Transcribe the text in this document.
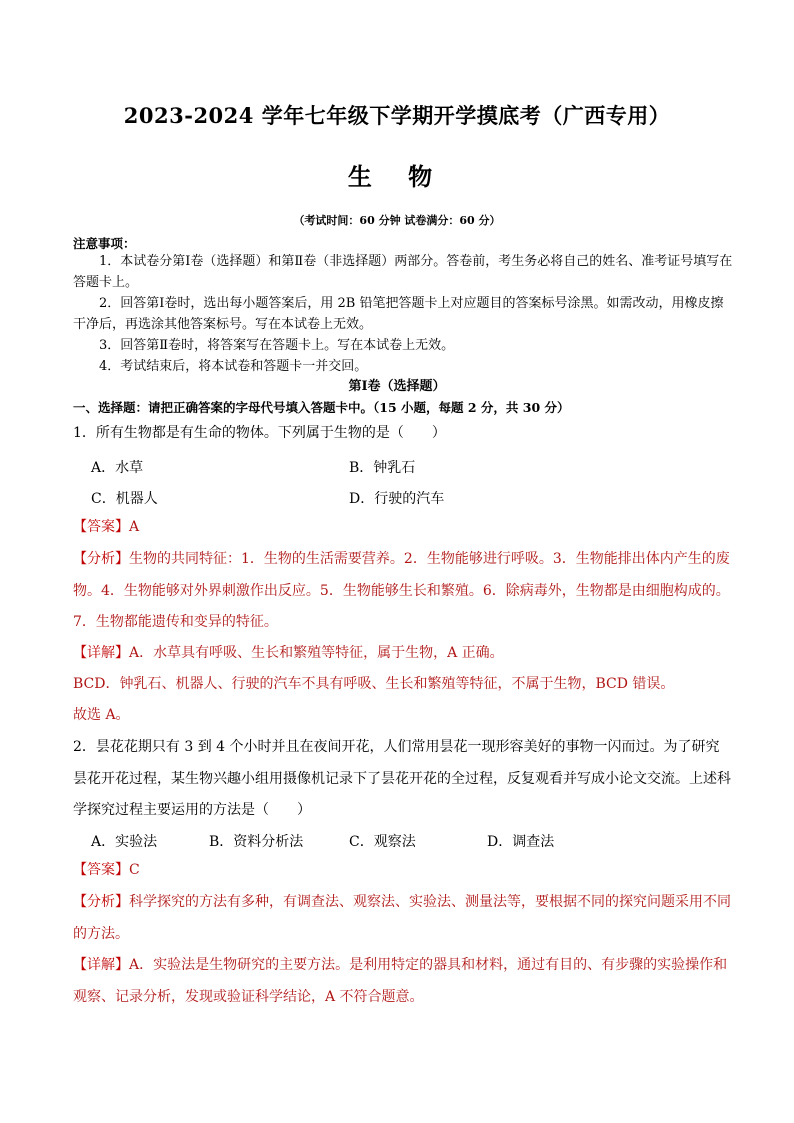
2023-2024 学年七年级下学期开学摸底考（广西专用）
生 物
（考试时间：60 分钟 试卷满分：60 分）
注意事项：
1．本试卷分第Ⅰ卷（选择题）和第Ⅱ卷（非选择题）两部分。答卷前，考生务必将自己的姓名、准考证号填写在答题卡上。
2．回答第Ⅰ卷时，选出每小题答案后，用 2B 铅笔把答题卡上对应题目的答案标号涂黑。如需改动，用橡皮擦干净后，再选涂其他答案标号。写在本试卷上无效。
3．回答第Ⅱ卷时，将答案写在答题卡上。写在本试卷上无效。
4．考试结束后，将本试卷和答题卡一并交回。
第Ⅰ卷（选择题）
一、选择题：请把正确答案的字母代号填入答题卡中。（15 小题，每题 2 分，共 30 分）
1．所有生物都是有生命的物体。下列属于生物的是（　　）
A．水草	B．钟乳石
C．机器人	D．行驶的汽车
【答案】A
【分析】生物的共同特征：1．生物的生活需要营养。2．生物能够进行呼吸。3．生物能排出体内产生的废物。4．生物能够对外界刺激作出反应。5．生物能够生长和繁殖。6．除病毒外，生物都是由细胞构成的。7．生物都能遗传和变异的特征。
【详解】A．水草具有呼吸、生长和繁殖等特征，属于生物，A 正确。
BCD．钟乳石、机器人、行驶的汽车不具有呼吸、生长和繁殖等特征，不属于生物，BCD 错误。
故选 A。
2．昙花花期只有 3 到 4 个小时并且在夜间开花，人们常用昙花一现形容美好的事物一闪而过。为了研究昙花开花过程，某生物兴趣小组用摄像机记录下了昙花开花的全过程，反复观看并写成小论文交流。上述科学探究过程主要运用的方法是（　　）
A．实验法	B．资料分析法	C．观察法	D．调查法
【答案】C
【分析】科学探究的方法有多种，有调查法、观察法、实验法、测量法等，要根据不同的探究问题采用不同的方法。
【详解】A．实验法是生物研究的主要方法。是利用特定的器具和材料，通过有目的、有步骤的实验操作和观察、记录分析，发现或验证科学结论，A 不符合题意。
